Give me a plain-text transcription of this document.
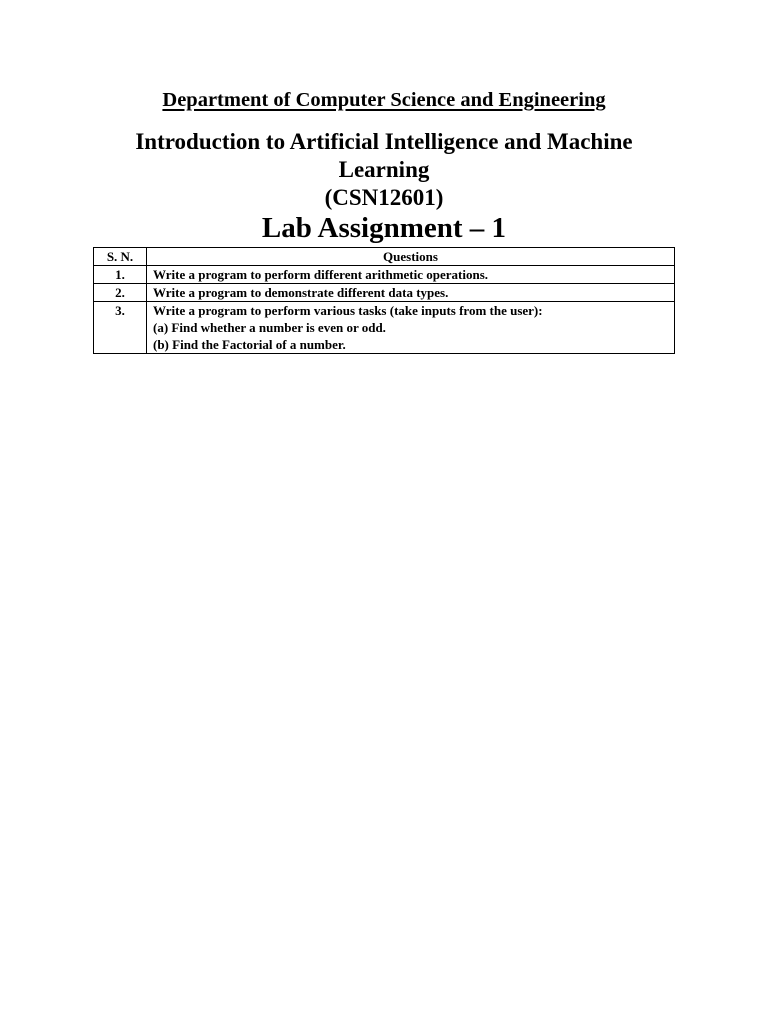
Department of Computer Science and Engineering
Introduction to Artificial Intelligence and Machine Learning
(CSN12601)
Lab Assignment – 1
S. N.	Questions
1.	Write a program to perform different arithmetic operations.

2.	Write a program to demonstrate different data types.

3.	Write a program to perform various tasks (take inputs from the user):
(a) Find whether a number is even or odd.
(b) Find the Factorial of a number.
